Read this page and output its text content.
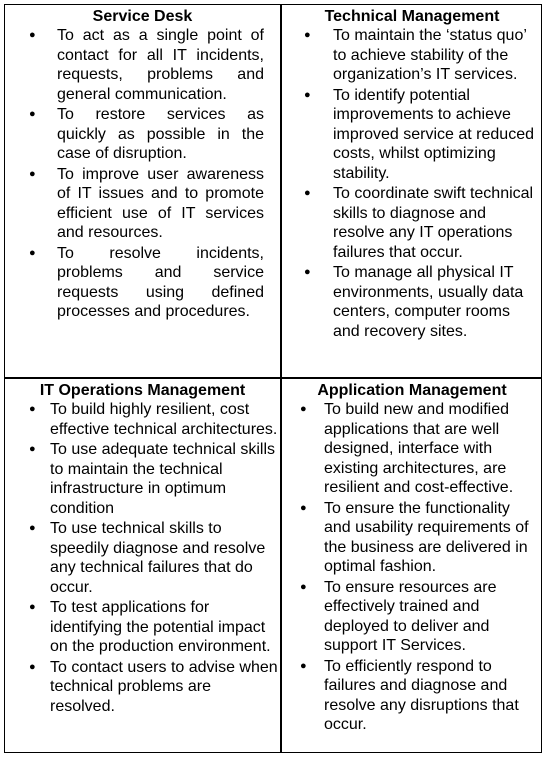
Service Desk
● To act as a single point of contact for all IT incidents, requests, problems and general communication.
● To restore services as quickly as possible in the case of disruption.
● To improve user awareness of IT issues and to promote efficient use of IT services and resources.
● To resolve incidents, problems and service requests using defined processes and procedures.
Technical Management
● To maintain the ‘status quo’ to achieve stability of the organization’s IT services.
● To identify potential improvements to achieve improved service at reduced costs, whilst optimizing stability.
● To coordinate swift technical skills to diagnose and resolve any IT operations failures that occur.
● To manage all physical IT environments, usually data centers, computer rooms and recovery sites.
IT Operations Management
● To build highly resilient, cost effective technical architectures.
● To use adequate technical skills to maintain the technical infrastructure in optimum condition
● To use technical skills to speedily diagnose and resolve any technical failures that do occur.
● To test applications for identifying the potential impact on the production environment.
● To contact users to advise when technical problems are resolved.
Application Management
● To build new and modified applications that are well designed, interface with existing architectures, are resilient and cost-effective.
● To ensure the functionality and usability requirements of the business are delivered in optimal fashion.
● To ensure resources are effectively trained and deployed to deliver and support IT Services.
● To efficiently respond to failures and diagnose and resolve any disruptions that occur.
